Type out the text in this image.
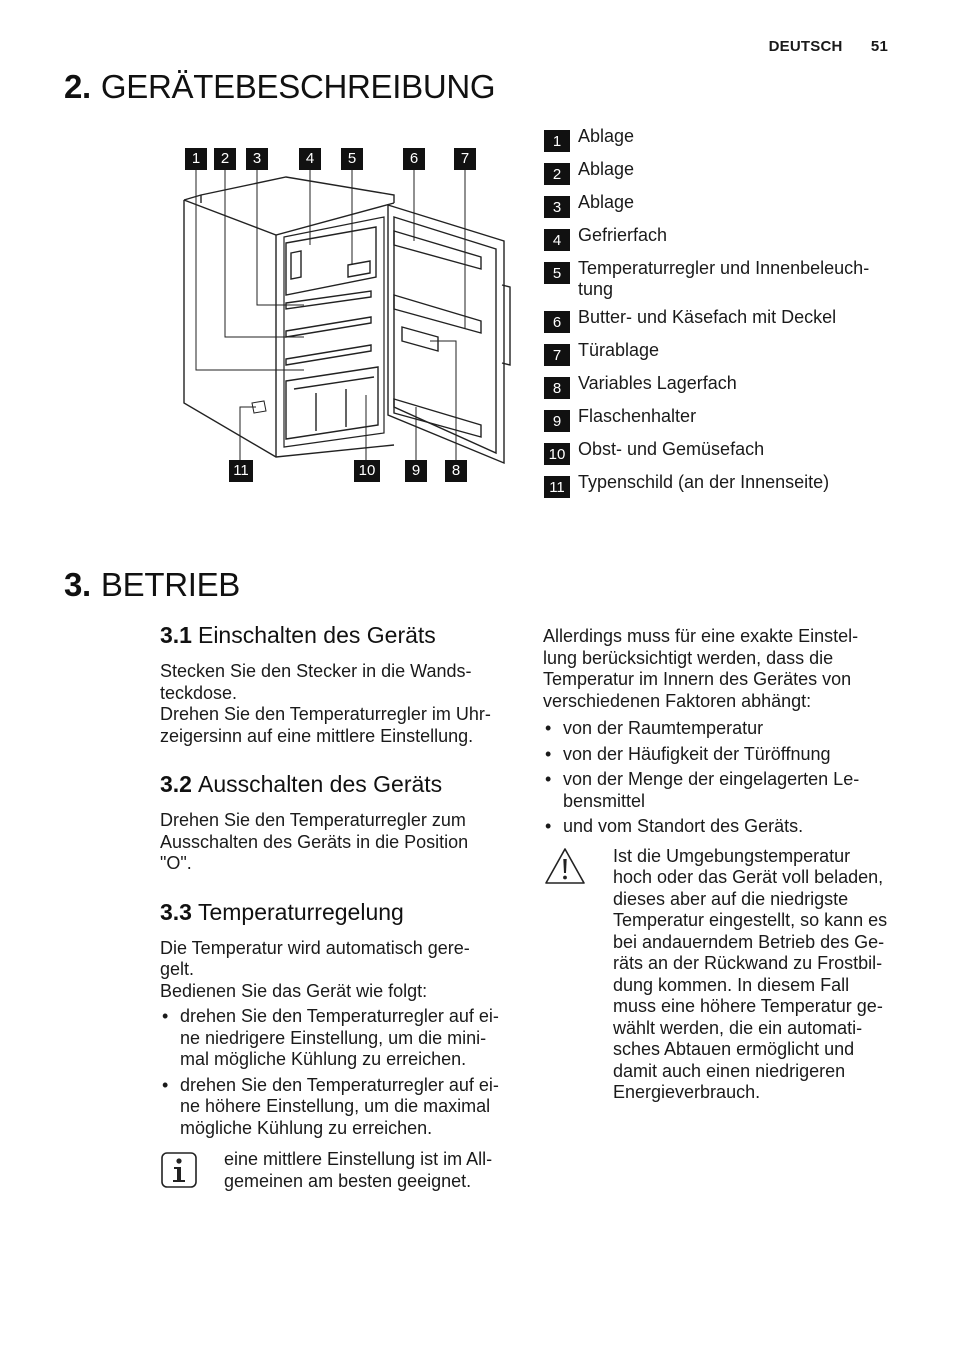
DEUTSCH 51
2. GERÄTEBESCHREIBUNG
1	2	3	4	5	6	7
11	10	9	8
1 Ablage
2 Ablage
3 Ablage
4 Gefrierfach
5 Temperaturregler und Innenbeleuch-
tung
6 Butter- und Käsefach mit Deckel
7 Türablage
8 Variables Lagerfach
9 Flaschenhalter
10 Obst- und Gemüsefach
11 Typenschild (an der Innenseite)
3. BETRIEB
3.1 Einschalten des Geräts

Stecken Sie den Stecker in die Wands-
teckdose.

Drehen Sie den Temperaturregler im Uhr-
zeigersinn auf eine mittlere Einstellung.

3.2 Ausschalten des Geräts

Drehen Sie den Temperaturregler zum
Ausschalten des Geräts in die Position
"O".

3.3 Temperaturregelung

Die Temperatur wird automatisch gere-
gelt.

Bedienen Sie das Gerät wie folgt:

• drehen Sie den Temperaturregler auf ei-
ne niedrigere Einstellung, um die mini-
mal mögliche Kühlung zu erreichen.
• drehen Sie den Temperaturregler auf ei-
ne höhere Einstellung, um die maximal
mögliche Kühlung zu erreichen.
eine mittlere Einstellung ist im All-
gemeinen am besten geeignet.

Allerdings muss für eine exakte Einstel-
lung berücksichtigt werden, dass die
Temperatur im Innern des Gerätes von
verschiedenen Faktoren abhängt:

• von der Raumtemperatur
• von der Häufigkeit der Türöffnung
• von der Menge der eingelagerten Le-
bensmittel
• und vom Standort des Geräts.
Ist die Umgebungstemperatur
hoch oder das Gerät voll beladen,
dieses aber auf die niedrigste
Temperatur eingestellt, so kann es
bei andauerndem Betrieb des Ge-
räts an der Rückwand zu Frostbil-
dung kommen. In diesem Fall
muss eine höhere Temperatur ge-
wählt werden, die ein automati-
sches Abtauen ermöglicht und
damit auch einen niedrigeren
Energieverbrauch.
